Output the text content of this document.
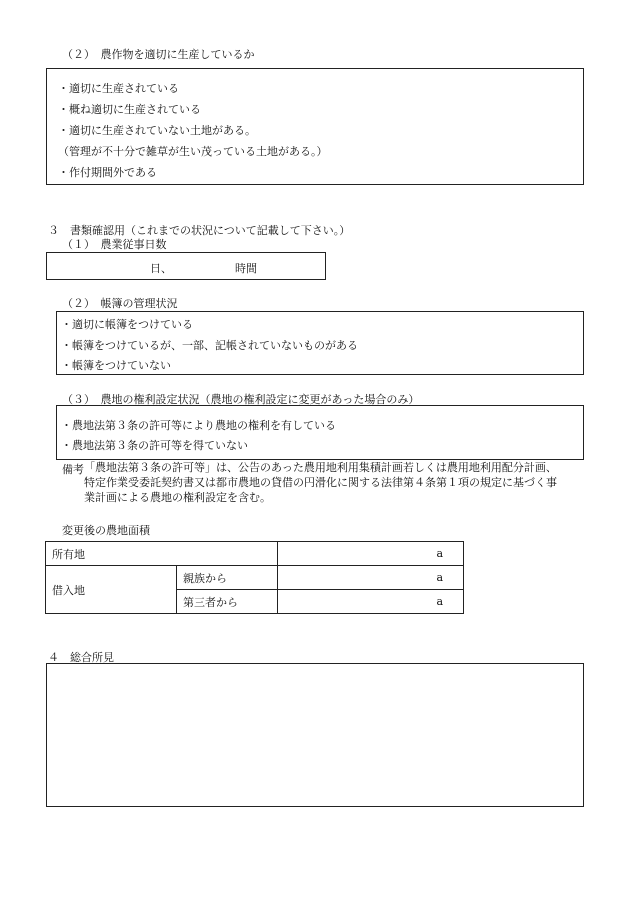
（２）　農作物を適切に生産しているか
・適切に生産されている
・概ね適切に生産されている
・適切に生産されていない土地がある。
（管理が不十分で雑草が生い茂っている土地がある。）
・作付期間外である
３　書類確認用（これまでの状況について記載して下さい。）
（１）　農業従事日数
日、	時間
（２）　帳簿の管理状況
・適切に帳簿をつけている
・帳簿をつけているが、一部、記帳されていないものがある
・帳簿をつけていない
（３）　農地の権利設定状況（農地の権利設定に変更があった場合のみ）
・農地法第３条の許可等により農地の権利を有している
・農地法第３条の許可等を得ていない
備考 「農地法第３条の許可等」は、公告のあった農用地利用集積計画若しくは農用地利用配分計画、
特定作業受委託契約書又は都市農地の貸借の円滑化に関する法律第４条第１項の規定に基づく事
業計画による農地の権利設定を含む。
変更後の農地面積
所有地		a
借入地	親族から	a
	第三者から	a
４　総合所見
